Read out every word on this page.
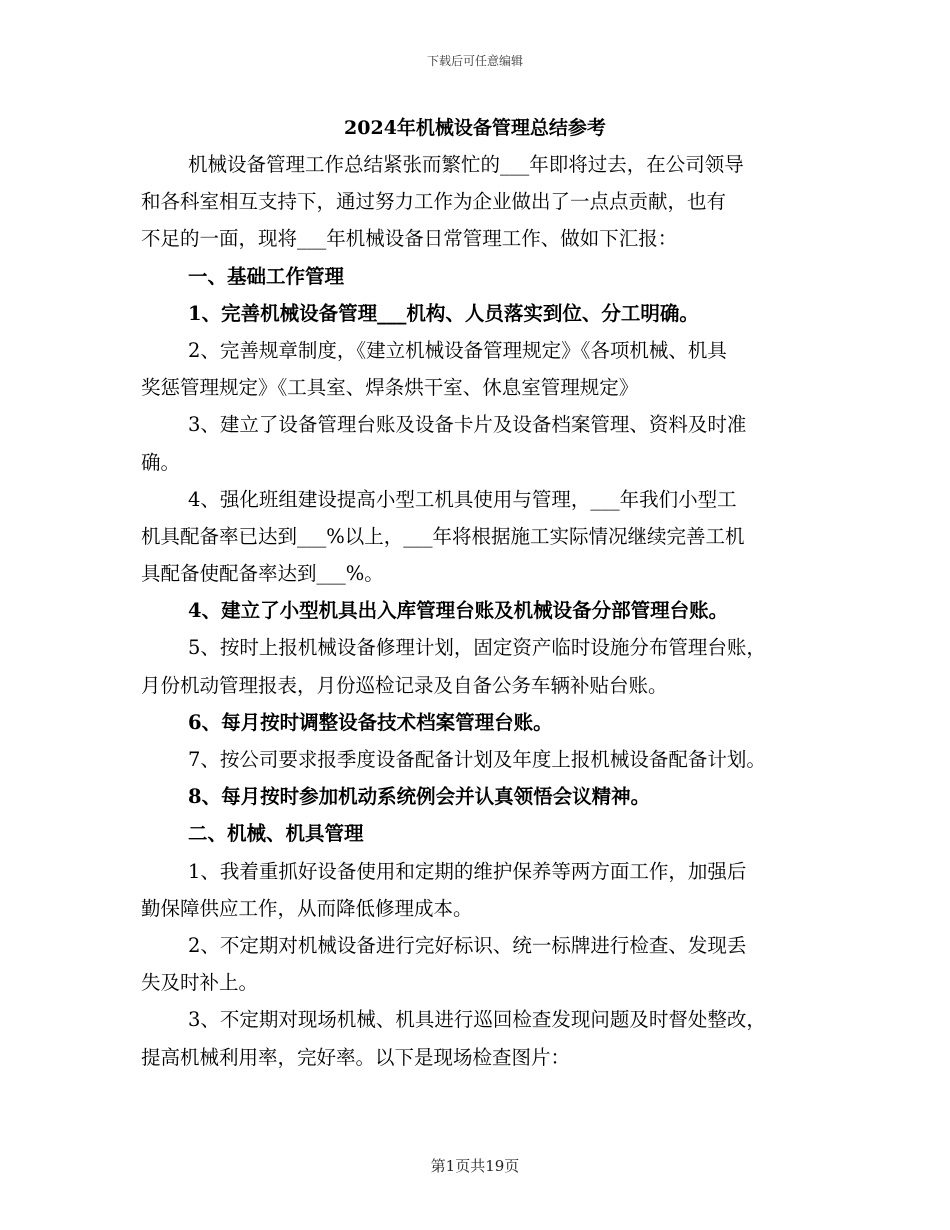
下载后可任意编辑
2024年机械设备管理总结参考
机械设备管理工作总结紧张而繁忙的___年即将过去，在公司领导
和各科室相互支持下，通过努力工作为企业做出了一点点贡献，也有
不足的一面，现将___年机械设备日常管理工作、做如下汇报：
一、基础工作管理
1、完善机械设备管理___机构、人员落实到位、分工明确。
2、完善规章制度，《建立机械设备管理规定》《各项机械、机具
奖惩管理规定》《工具室、焊条烘干室、休息室管理规定》
3、建立了设备管理台账及设备卡片及设备档案管理、资料及时准
确。
4、强化班组建设提高小型工机具使用与管理，___年我们小型工
机具配备率已达到___%以上，___年将根据施工实际情况继续完善工机
具配备使配备率达到___%。
4、建立了小型机具出入库管理台账及机械设备分部管理台账。
5、按时上报机械设备修理计划，固定资产临时设施分布管理台账，
月份机动管理报表，月份巡检记录及自备公务车辆补贴台账。
6、每月按时调整设备技术档案管理台账。
7、按公司要求报季度设备配备计划及年度上报机械设备配备计划。
8、每月按时参加机动系统例会并认真领悟会议精神。
二、机械、机具管理
1、我着重抓好设备使用和定期的维护保养等两方面工作，加强后
勤保障供应工作，从而降低修理成本。
2、不定期对机械设备进行完好标识、统一标牌进行检查、发现丢
失及时补上。
3、不定期对现场机械、机具进行巡回检查发现问题及时督处整改，
提高机械利用率，完好率。以下是现场检查图片：
第1页共19页
